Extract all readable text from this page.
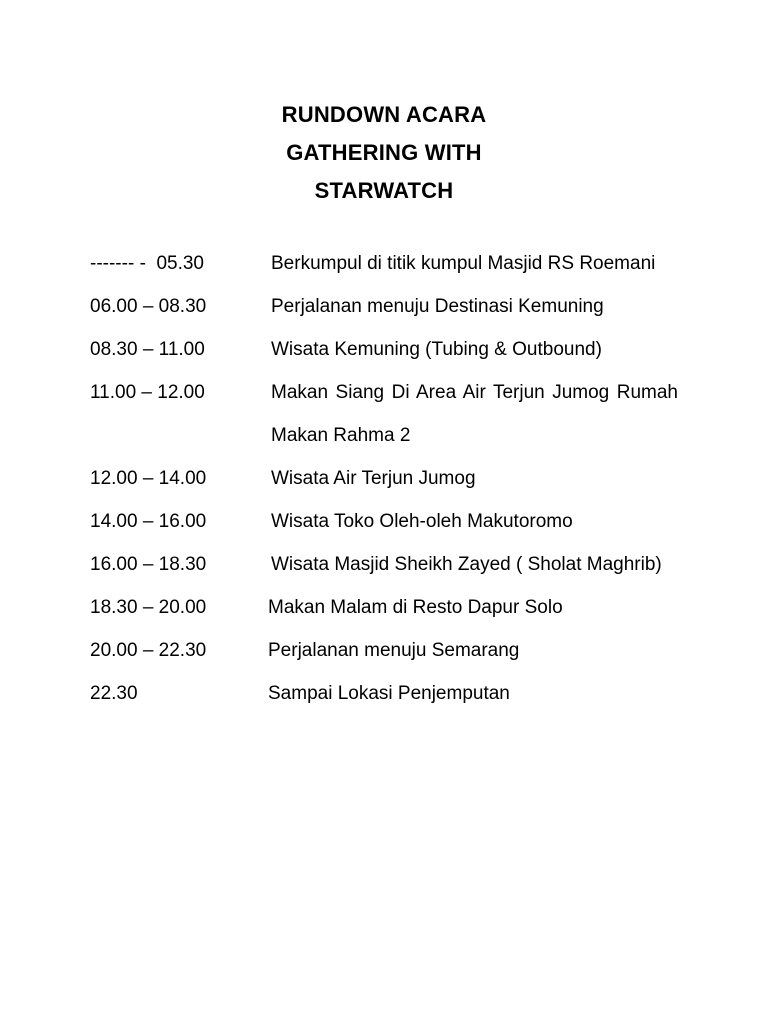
RUNDOWN ACARA
GATHERING WITH
STARWATCH
------- -  05.30	Berkumpul di titik kumpul Masjid RS Roemani
06.00 – 08.30	Perjalanan menuju Destinasi Kemuning
08.30 – 11.00	Wisata Kemuning (Tubing & Outbound)
11.00 – 12.00	Makan Siang Di Area Air Terjun Jumog Rumah Makan Rahma 2
12.00 – 14.00	Wisata Air Terjun Jumog
14.00 – 16.00	Wisata Toko Oleh-oleh Makutoromo
16.00 – 18.30	Wisata Masjid Sheikh Zayed ( Sholat Maghrib)
18.30 – 20.00	Makan Malam di Resto Dapur Solo
20.00 – 22.30	Perjalanan menuju Semarang
22.30	Sampai Lokasi Penjemputan
